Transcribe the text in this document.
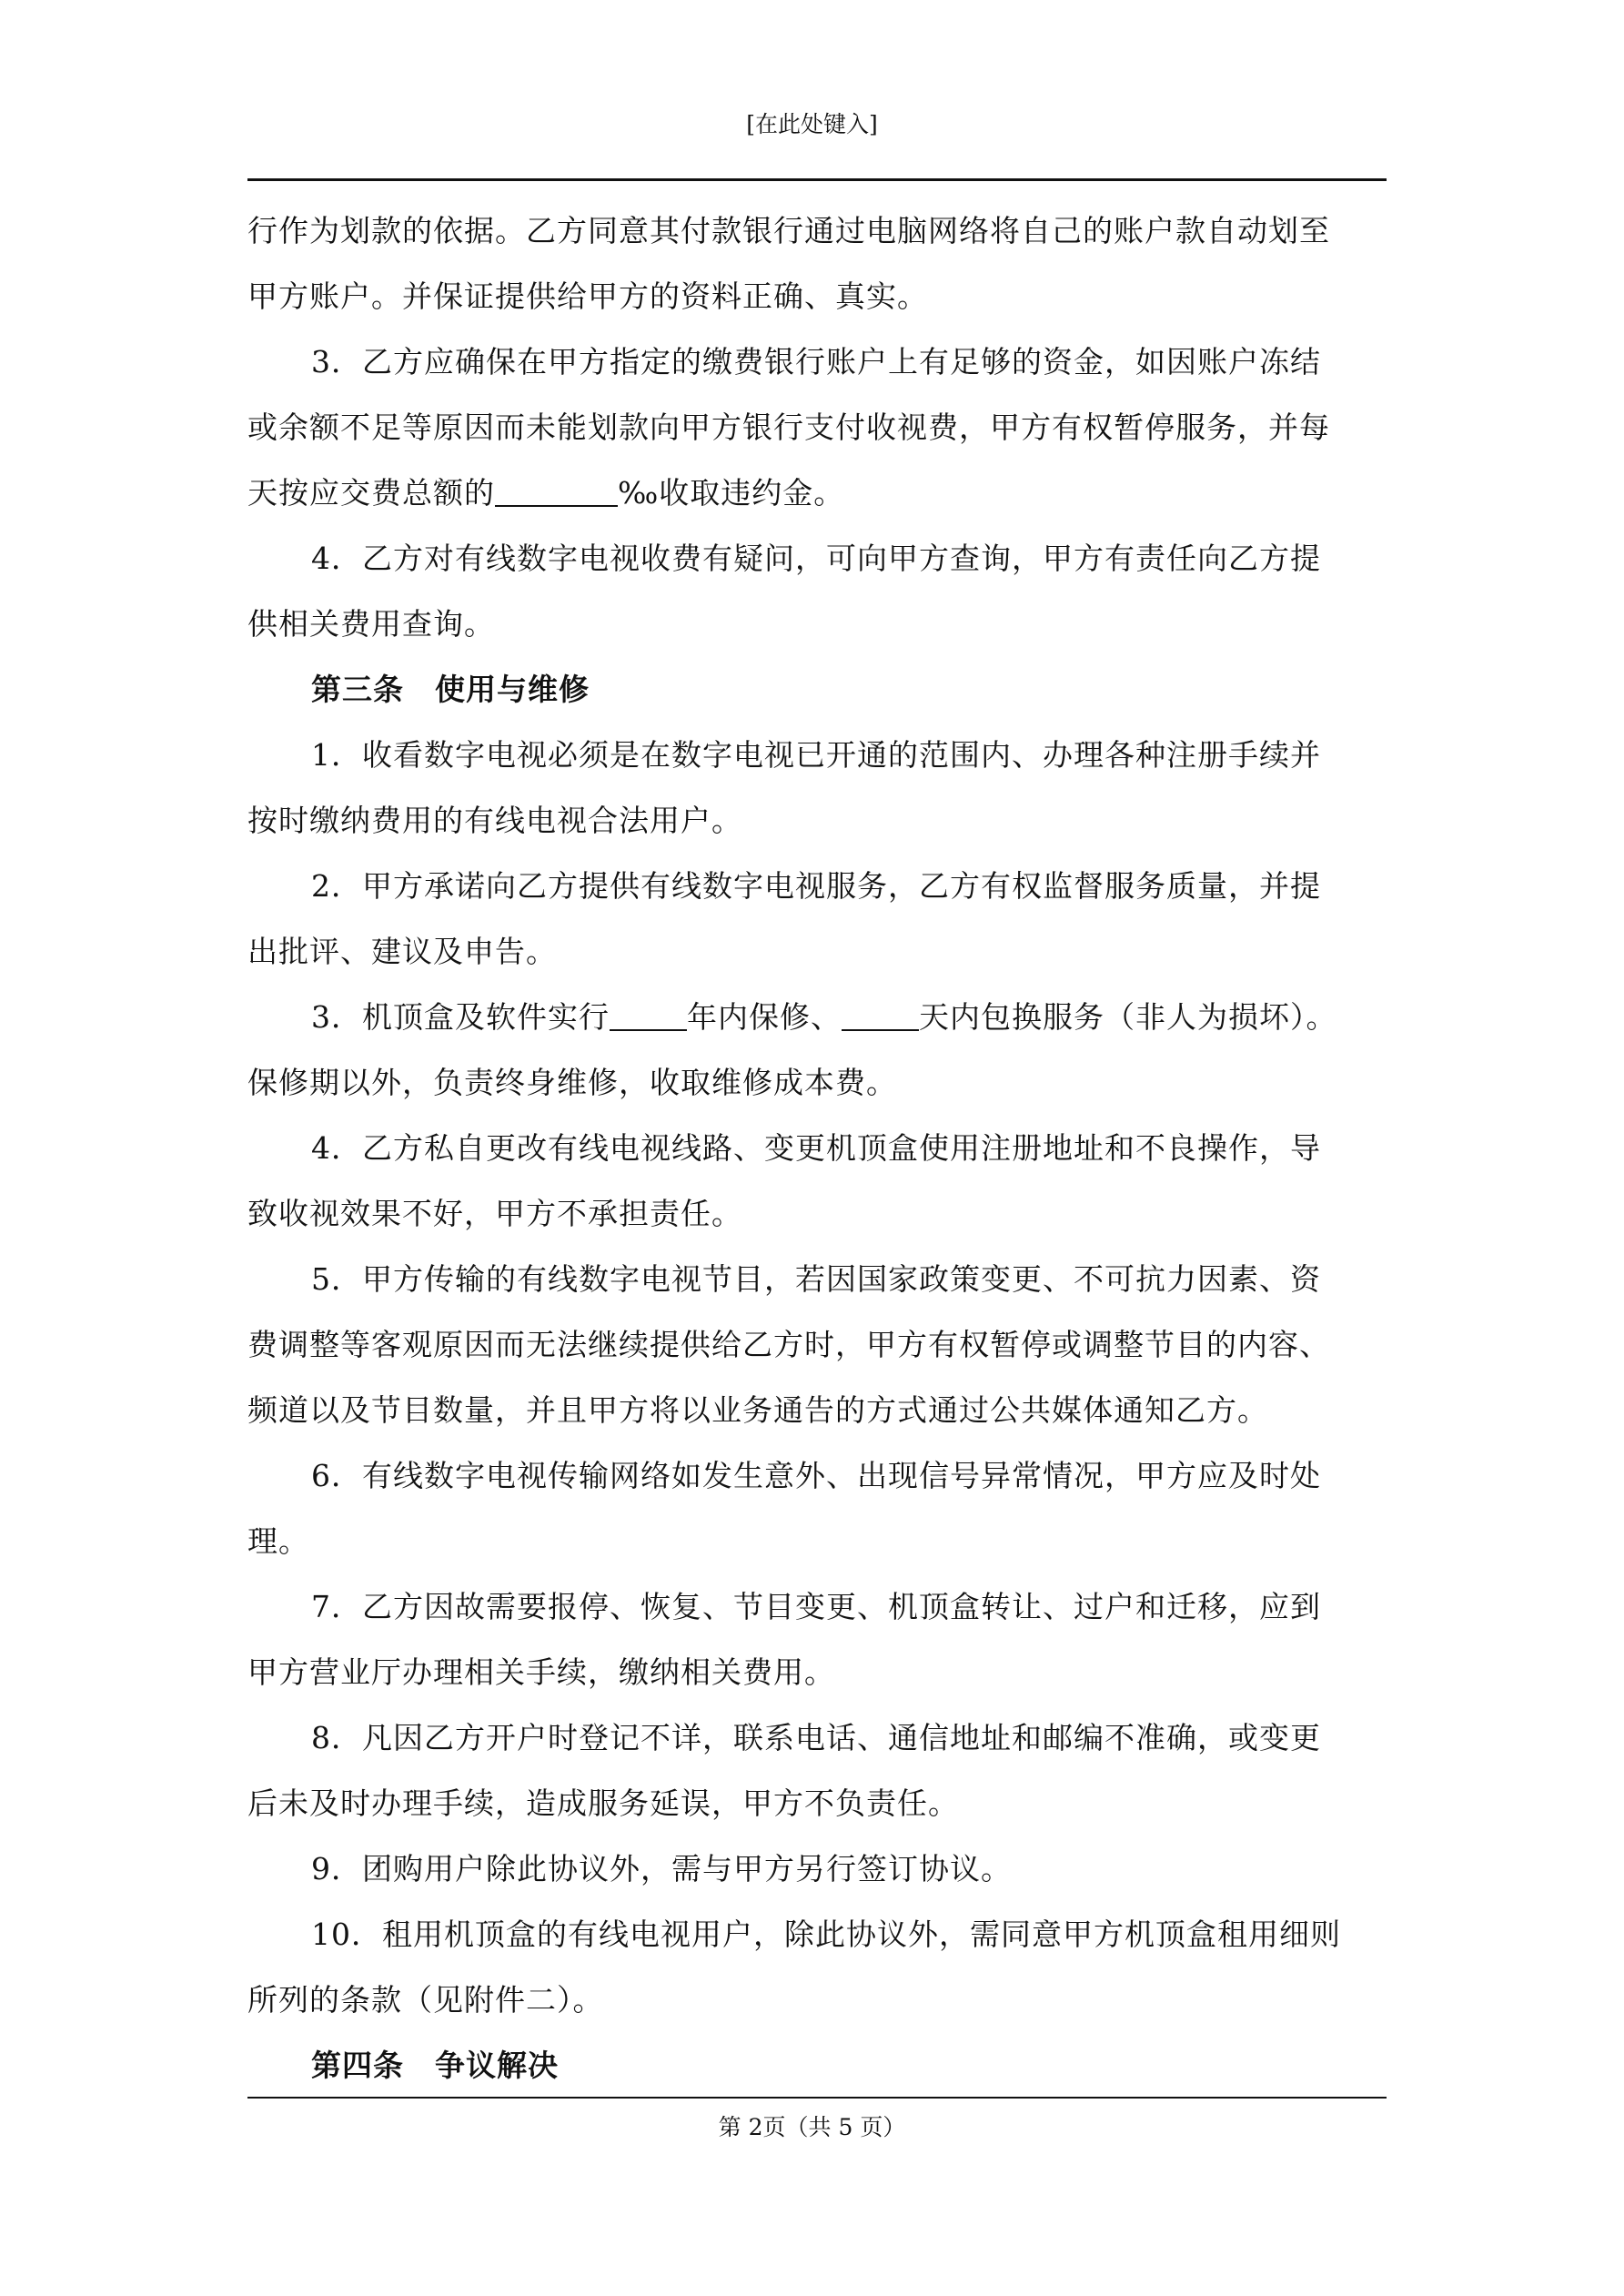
[在此处键入]

行作为划款的依据。乙方同意其付款银行通过电脑网络将自己的账户款自动划至

甲方账户。并保证提供给甲方的资料正确、真实。

3．乙方应确保在甲方指定的缴费银行账户上有足够的资金，如因账户冻结

或余额不足等原因而未能划款向甲方银行支付收视费，甲方有权暂停服务，并每

天按应交费总额的	‰收取违约金。

4．乙方对有线数字电视收费有疑问，可向甲方查询，甲方有责任向乙方提

供相关费用查询。

第三条　使用与维修

1．收看数字电视必须是在数字电视已开通的范围内、办理各种注册手续并

按时缴纳费用的有线电视合法用户。

2．甲方承诺向乙方提供有线数字电视服务，乙方有权监督服务质量，并提

出批评、建议及申告。

3．机顶盒及软件实行	年内保修、	天内包换服务（非人为损坏）。

保修期以外，负责终身维修，收取维修成本费。

4．乙方私自更改有线电视线路、变更机顶盒使用注册地址和不良操作，导

致收视效果不好，甲方不承担责任。

5．甲方传输的有线数字电视节目，若因国家政策变更、不可抗力因素、资

费调整等客观原因而无法继续提供给乙方时，甲方有权暂停或调整节目的内容、

频道以及节目数量，并且甲方将以业务通告的方式通过公共媒体通知乙方。

6．有线数字电视传输网络如发生意外、出现信号异常情况，甲方应及时处

理。

7．乙方因故需要报停、恢复、节目变更、机顶盒转让、过户和迁移，应到

甲方营业厅办理相关手续，缴纳相关费用。

8．凡因乙方开户时登记不详，联系电话、通信地址和邮编不准确，或变更

后未及时办理手续，造成服务延误，甲方不负责任。

9．团购用户除此协议外，需与甲方另行签订协议。

10．租用机顶盒的有线电视用户，除此协议外，需同意甲方机顶盒租用细则

所列的条款（见附件二）。

第四条　争议解决

第 2页（共 5 页）
